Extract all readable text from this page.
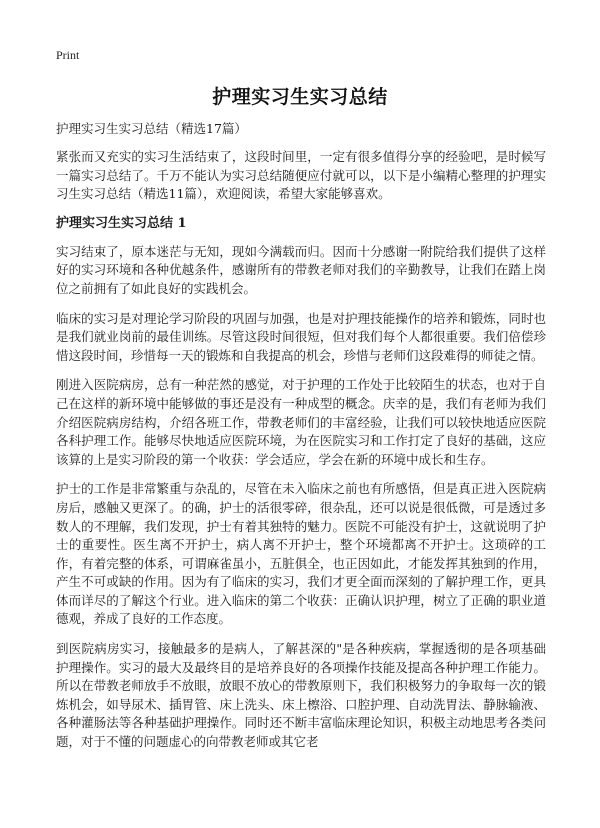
Print
护理实习生实习总结

护理实习生实习总结（精选17篇）

紧张而又充实的实习生活结束了，这段时间里，一定有很多值得分享的经验吧，是时候写一篇实习总结了。千万不能认为实习总结随便应付就可以，以下是小编精心整理的护理实习生实习总结（精选11篇），欢迎阅读，希望大家能够喜欢。

护理实习生实习总结 1

实习结束了，原本迷茫与无知，现如今满载而归。因而十分感谢一附院给我们提供了这样好的实习环境和各种优越条件，感谢所有的带教老师对我们的辛勤教导，让我们在踏上岗位之前拥有了如此良好的实践机会。

临床的实习是对理论学习阶段的巩固与加强，也是对护理技能操作的培养和锻炼，同时也是我们就业岗前的最佳训练。尽管这段时间很短，但对我们每个人都很重要。我们倍偿珍惜这段时间，珍惜每一天的锻炼和自我提高的机会，珍惜与老师们这段难得的师徒之情。

刚进入医院病房，总有一种茫然的感觉，对于护理的工作处于比较陌生的状态，也对于自己在这样的新环境中能够做的事还是没有一种成型的概念。庆幸的是，我们有老师为我们介绍医院病房结构，介绍各班工作，带教老师们的丰富经验，让我们可以较快地适应医院各科护理工作。能够尽快地适应医院环境，为在医院实习和工作打定了良好的基础，这应该算的上是实习阶段的第一个收获：学会适应，学会在新的环境中成长和生存。

护士的工作是非常繁重与杂乱的，尽管在未入临床之前也有所感悟，但是真正进入医院病房后，感触又更深了。的确，护士的活很零碎，很杂乱，还可以说是很低微，可是透过多数人的不理解，我们发现，护士有着其独特的魅力。医院不可能没有护士，这就说明了护士的重要性。医生离不开护士，病人离不开护士，整个环境都离不开护士。这琐碎的工作，有着完整的体系，可谓麻雀虽小，五脏俱全，也正因如此，才能发挥其独到的作用，产生不可或缺的作用。因为有了临床的实习，我们才更全面而深刻的了解护理工作，更具体而详尽的了解这个行业。进入临床的第二个收获：正确认识护理，树立了正确的职业道德观，养成了良好的工作态度。

到医院病房实习，接触最多的是病人，了解甚深的"是各种疾病，掌握透彻的是各项基础护理操作。实习的最大及最终目的是培养良好的各项操作技能及提高各种护理工作能力。所以在带教老师放手不放眼，放眼不放心的带教原则下，我们积极努力的争取每一次的锻炼机会，如导尿术、插胃管、床上洗头、床上檫浴、口腔护理、自动洗胃法、静脉输液、各种灌肠法等各种基础护理操作。同时还不断丰富临床理论知识，积极主动地思考各类问题，对于不懂的问题虚心的向带教老师或其它老
